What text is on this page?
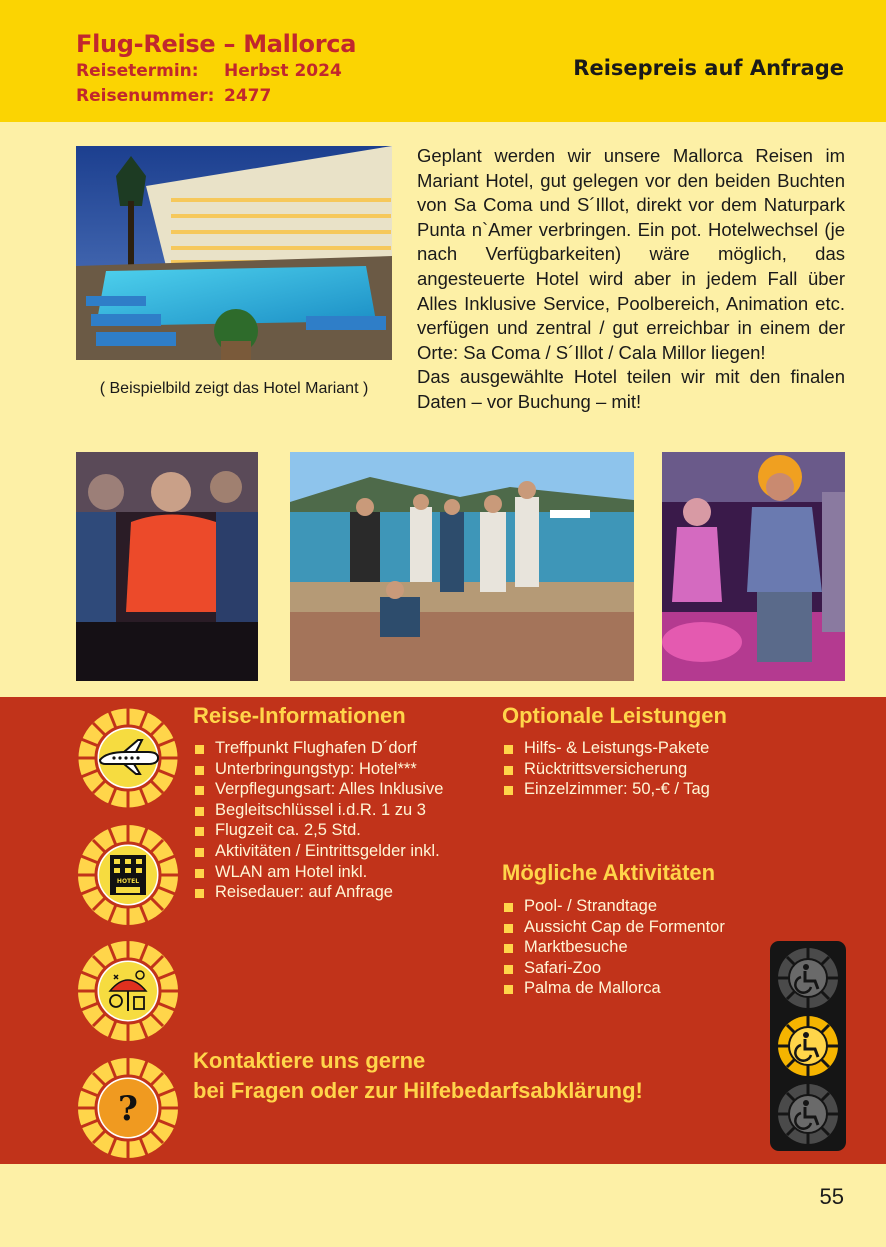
Flug-Reise – Mallorca
Reisetermin: Herbst 2024
Reisenummer: 2477
Reisepreis auf Anfrage
( Beispielbild zeigt das Hotel Mariant )

Geplant werden wir unsere Mallorca Reisen im Mariant Hotel, gut gelegen vor den beiden Buchten von Sa Coma und S´Illot, direkt vor dem Naturpark Punta n`Amer verbringen. Ein pot. Hotelwechsel (je nach Verfügbarkeiten) wäre möglich, das angesteuerte Hotel wird aber in jedem Fall über Alles Inklusive Service, Poolbereich, Animation etc. verfügen und zentral / gut erreichbar in einem der Orte: Sa Coma / S´Illot / Cala Millor liegen!

Das ausgewählte Hotel teilen wir mit den finalen Daten – vor Buchung – mit!

Reise-Informationen
Treffpunkt Flughafen D´dorf
Unterbringungstyp: Hotel***
Verpflegungsart: Alles Inklusive
Begleitschlüssel i.d.R. 1 zu 3
Flugzeit ca. 2,5 Std.
Aktivitäten / Eintrittsgelder inkl.
WLAN am Hotel inkl.
Reisedauer: auf Anfrage
Optionale Leistungen
Hilfs- & Leistungs-Pakete
Rücktrittsversicherung
Einzelzimmer: 50,-€ / Tag
Mögliche Aktivitäten
Pool- / Strandtage
Aussicht Cap de Formentor
Marktbesuche
Safari-Zoo
Palma de Mallorca
HOTEL
?
Kontaktiere uns gerne
bei Fragen oder zur Hilfebedarfsabklärung!
55
